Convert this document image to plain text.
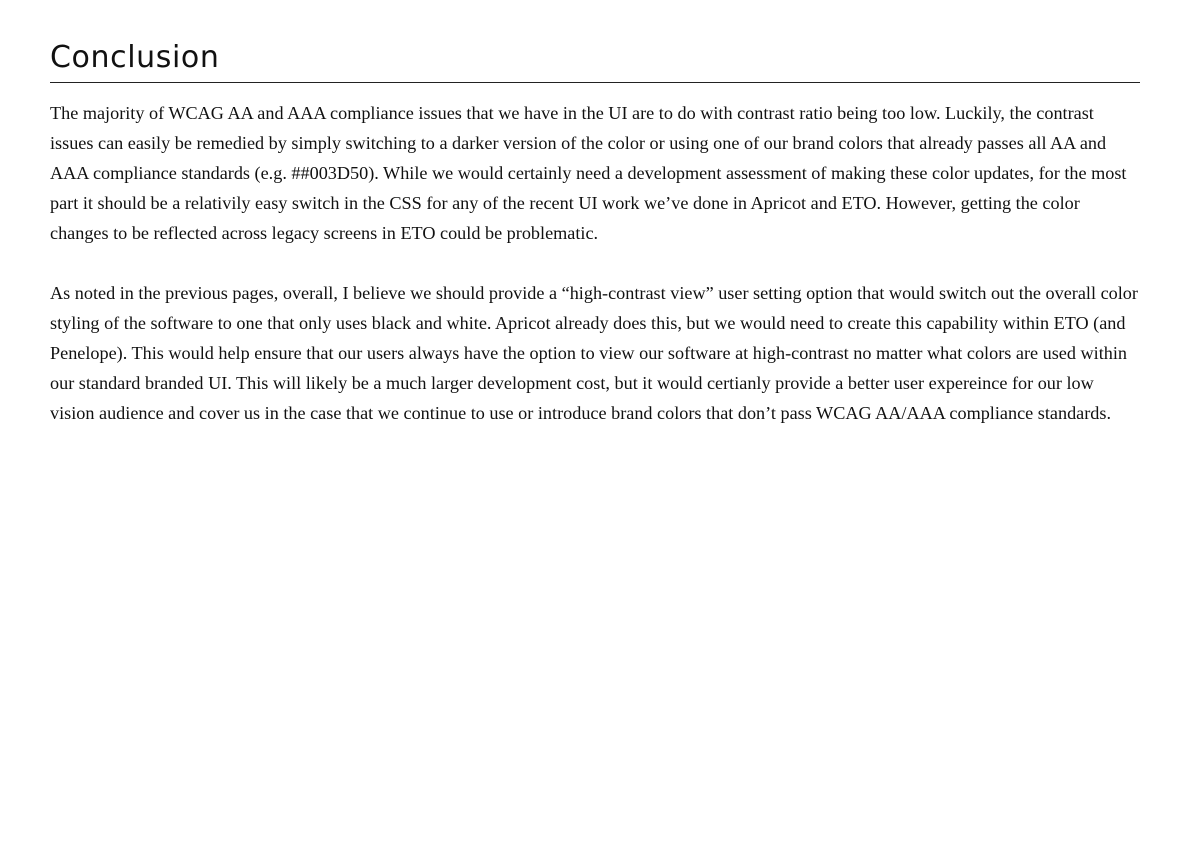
Conclusion

The majority of WCAG AA and AAA compliance issues that we have in the UI are to do with contrast ratio being too low. Luckily, the contrast issues can easily be remedied by simply switching to a darker version of the color or using one of our brand colors that already passes all AA and AAA compliance standards (e.g. ##003D50). While we would certainly need a development assessment of making these color updates, for the most part it should be a relativily easy switch in the CSS for any of the recent UI work we’ve done in Apricot and ETO. However, getting the color changes to be reflected across legacy screens in ETO could be problematic.

As noted in the previous pages, overall, I believe we should provide a “high-contrast view” user setting option that would switch out the overall color styling of the software to one that only uses black and white. Apricot already does this, but we would need to create this capability within ETO (and Penelope). This would help ensure that our users always have the option to view our software at high-contrast no matter what colors are used within our standard branded UI. This will likely be a much larger development cost, but it would certianly provide a better user expereince for our low vision audience and cover us in the case that we continue to use or introduce brand colors that don’t pass WCAG AA/AAA compliance standards.
